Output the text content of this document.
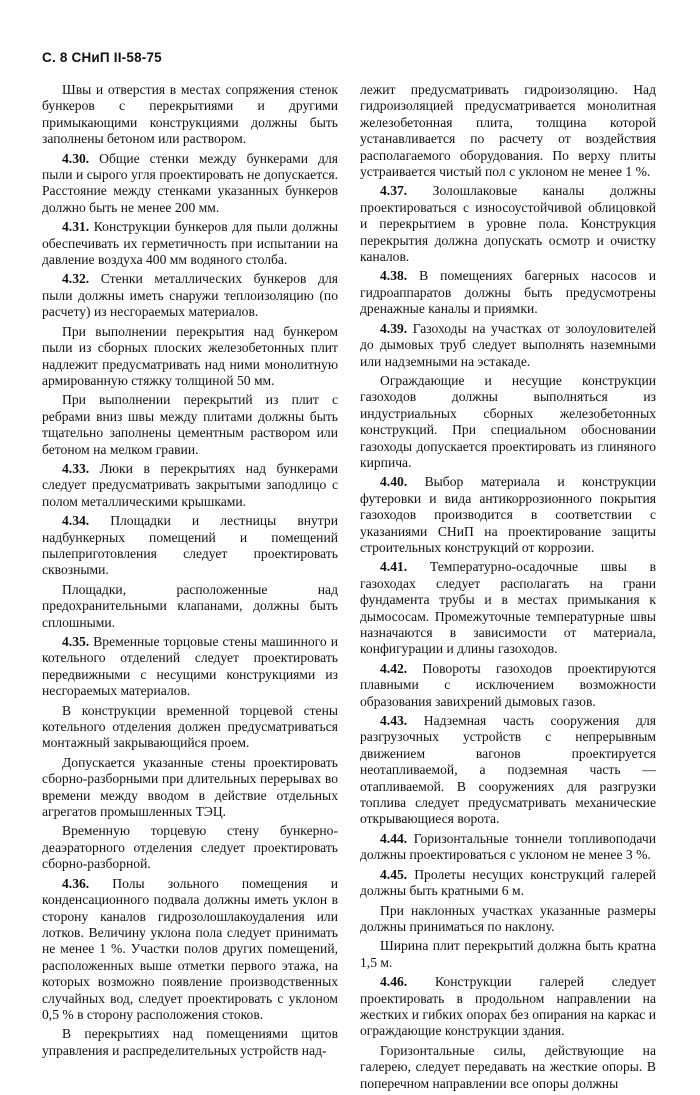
С. 8 СНиП II-58-75

Швы и отверстия в местах сопряжения стенок бункеров с перекрытиями и другими примыкающими конструкциями должны быть заполнены бетоном или раствором.

4.30. Общие стенки между бункерами для пыли и сырого угля проектировать не допускается. Расстояние между стенками указанных бункеров должно быть не менее 200 мм.

4.31. Конструкции бункеров для пыли должны обеспечивать их герметичность при испытании на давление воздуха 400 мм водяного столба.

4.32. Стенки металлических бункеров для пыли должны иметь снаружи теплоизоляцию (по расчету) из несгораемых материалов.

При выполнении перекрытия над бункером пыли из сборных плоских железобетонных плит надлежит предусматривать над ними монолитную армированную стяжку толщиной 50 мм.

При выполнении перекрытий из плит с ребрами вниз швы между плитами должны быть тщательно заполнены цементным раствором или бетоном на мелком гравии.

4.33. Люки в перекрытиях над бункерами следует предусматривать закрытыми заподлицо с полом металлическими крышками.

4.34. Площадки и лестницы внутри надбункерных помещений и помещений пылеприготовления следует проектировать сквозными.

Площадки, расположенные над предохранительными клапанами, должны быть сплошными.

4.35. Временные торцовые стены машинного и котельного отделений следует проектировать передвижными с несущими конструкциями из несгораемых материалов.

В конструкции временной торцевой стены котельного отделения должен предусматриваться монтажный закрывающийся проем.

Допускается указанные стены проектировать сборно-разборными при длительных перерывах во времени между вводом в действие отдельных агрегатов промышленных ТЭЦ.

Временную торцевую стену бункерно-деаэраторного отделения следует проектировать сборно-разборной.

4.36. Полы зольного помещения и конденсационного подвала должны иметь уклон в сторону каналов гидрозолошлакоудаления или лотков. Величину уклона пола следует принимать не менее 1 %. Участки полов других помещений, расположенных выше отметки первого этажа, на которых возможно появление производственных случайных вод, следует проектировать с уклоном 0,5 % в сторону расположения стоков.

В перекрытиях над помещениями щитов управления и распределительных устройств над-

лежит предусматривать гидроизоляцию. Над гидроизоляцией предусматривается монолитная железобетонная плита, толщина которой устанавливается по расчету от воздействия располагаемого оборудования. По верху плиты устраивается чистый пол с уклоном не менее 1 %.

4.37. Золошлаковые каналы должны проектироваться с износоустойчивой облицовкой и перекрытием в уровне пола. Конструкция перекрытия должна допускать осмотр и очистку каналов.

4.38. В помещениях багерных насосов и гидроаппаратов должны быть предусмотрены дренажные каналы и приямки.

4.39. Газоходы на участках от золоуловителей до дымовых труб следует выполнять наземными или надземными на эстакаде.

Ограждающие и несущие конструкции газоходов должны выполняться из индустриальных сборных железобетонных конструкций. При специальном обосновании газоходы допускается проектировать из глиняного кирпича.

4.40. Выбор материала и конструкции футеровки и вида антикоррозионного покрытия газоходов производится в соответствии с указаниями СНиП на проектирование защиты строительных конструкций от коррозии.

4.41. Температурно-осадочные швы в газоходах следует располагать на грани фундамента трубы и в местах примыкания к дымососам. Промежуточные температурные швы назначаются в зависимости от материала, конфигурации и длины газоходов.

4.42. Повороты газоходов проектируются плавными с исключением возможности образования завихрений дымовых газов.

4.43. Надземная часть сооружения для разгрузочных устройств с непрерывным движением вагонов проектируется неотапливаемой, а подземная часть — отапливаемой. В сооружениях для разгрузки топлива следует предусматривать механические открывающиеся ворота.

4.44. Горизонтальные тоннели топливоподачи должны проектироваться с уклоном не менее 3 %.

4.45. Пролеты несущих конструкций галерей должны быть кратными 6 м.

При наклонных участках указанные размеры должны приниматься по наклону.

Ширина плит перекрытий должна быть кратна 1,5 м.

4.46. Конструкции галерей следует проектировать в продольном направлении на жестких и гибких опорах без опирания на каркас и ограждающие конструкции здания.

Горизонтальные силы, действующие на галерею, следует передавать на жесткие опоры. В поперечном направлении все опоры должны
